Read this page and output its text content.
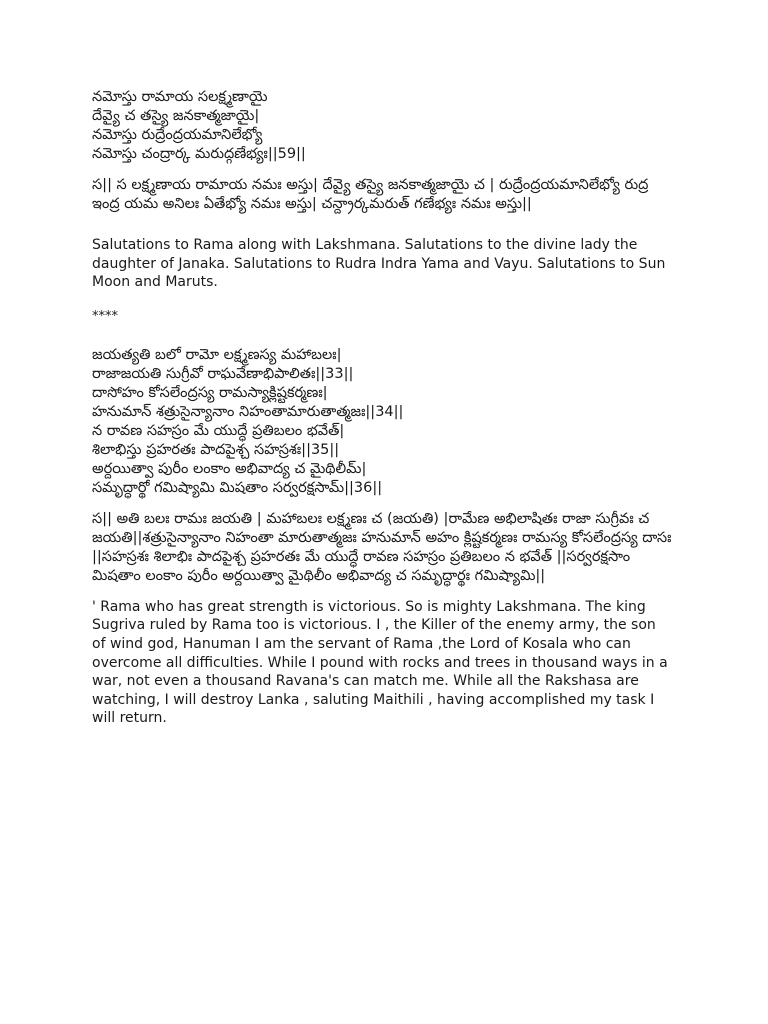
నమోస్తు రామాయ సలక్ష్మణాయై
దేవ్యై చ తస్యై జనకాత్మజాయై|
నమోస్తు రుద్రేంద్రయమానిలేభ్యో
నమోస్తు చంద్రార్క మరుద్గణేభ్యః||59||

స|| స లక్ష్మణాయ రామాయ నమః అస్తు| దేవ్యై తస్యై జనకాత్మజాయై చ | రుద్రేంద్రయమానిలేభ్యో రుద్ర ఇంద్ర యమ అనిలః ఏతేభ్యో నమః అస్తు| చన్ద్రార్కమరుత్ గణేభ్యః నమః అస్తు||

Salutations to Rama along with Lakshmana. Salutations to the divine lady the daughter of Janaka. Salutations to Rudra Indra Yama and Vayu. Salutations to Sun Moon and Maruts.

****
జయత్యతి బలో రామో లక్ష్మణస్య మహాబలః|
రాజాజయతి సుగ్రీవో రాఘవేణాభిపాలితః||33||
దాసోహం కోసలేంద్రస్య రామస్యాక్లిష్టకర్మణః|
హనుమాన్ శత్రుసైన్యానాం నిహంతామారుతాత్మజః||34||
న రావణ సహస్రం మే యుద్ధే ప్రతిబలం భవేత్|
శిలాభిస్తు ప్రహరతః పాదపైశ్చ సహస్రశః||35||
అర్దయిత్వా పురీం లంకాం అభివాద్య చ మైథిలీమ్|
సమృద్ధార్థో గమిష్యామి మిషతాం సర్వరక్షసామ్||36||

స|| అతి బలః రామః జయతి | మహాబలః లక్ష్మణః చ (జయతి) |రామేణ అభిలాషితః రాజా సుగ్రీవః చ జయతి||శత్రుసైన్యానాం నిహంతా మారుతాత్మజః హనుమాన్ అహం క్లిష్టకర్మణః రామస్య కోసలేంద్రస్య దాసః ||సహస్రశః శిలాభిః పాదపైశ్చ ప్రహరతః మే యుద్ధే రావణ సహస్రం ప్రతిబలం న భవేత్ ||సర్వరక్షసాం మిషతాం లంకాం పురీం అర్దయిత్వా మైథిలీం అభివాద్య చ సమృద్ధార్థః గమిష్యామి||

' Rama who has great strength is victorious. So is mighty Lakshmana. The king Sugriva ruled by Rama too is victorious. I , the Killer of the enemy army, the son of wind god, Hanuman I am the servant of Rama ,the Lord of Kosala who can overcome all difficulties. While I pound with rocks and trees in thousand ways in a war, not even a thousand Ravana's can match me. While all the Rakshasa are watching, I will destroy Lanka , saluting Maithili , having accomplished my task I will return.
